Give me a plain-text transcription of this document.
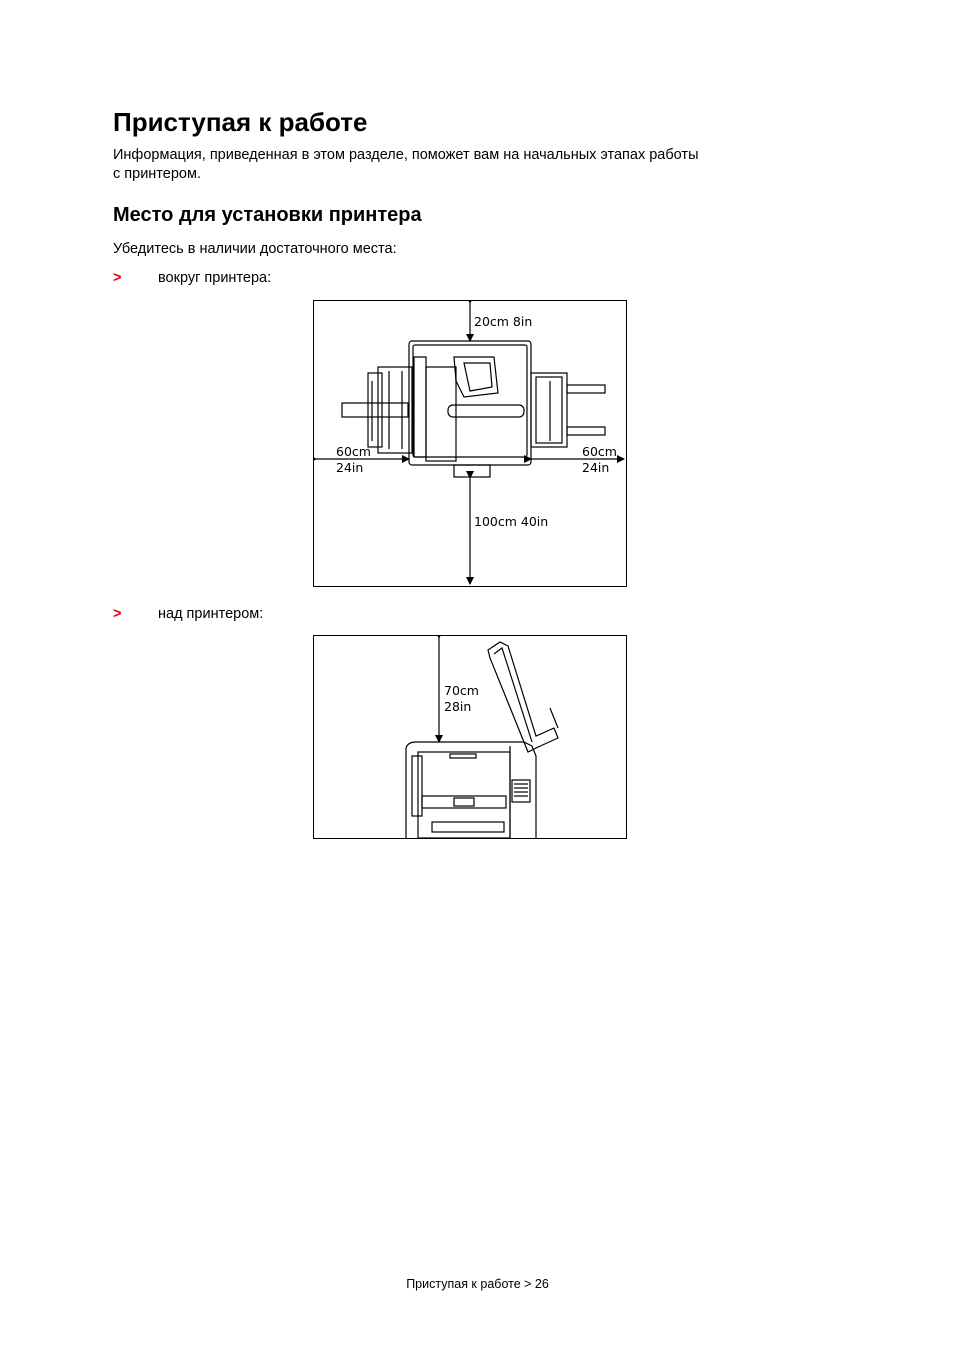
Приступая к работе

Информация, приведенная в этом разделе, поможет вам на начальных этапах работы
с принтером.

Место для установки принтера

Убедитесь в наличии достаточного места:

>	вокруг принтера:
20cm 8in
60cm
24in
60cm
24in
100cm 40in
>	над принтером:
70cm
28in
Приступая к работе > 26
